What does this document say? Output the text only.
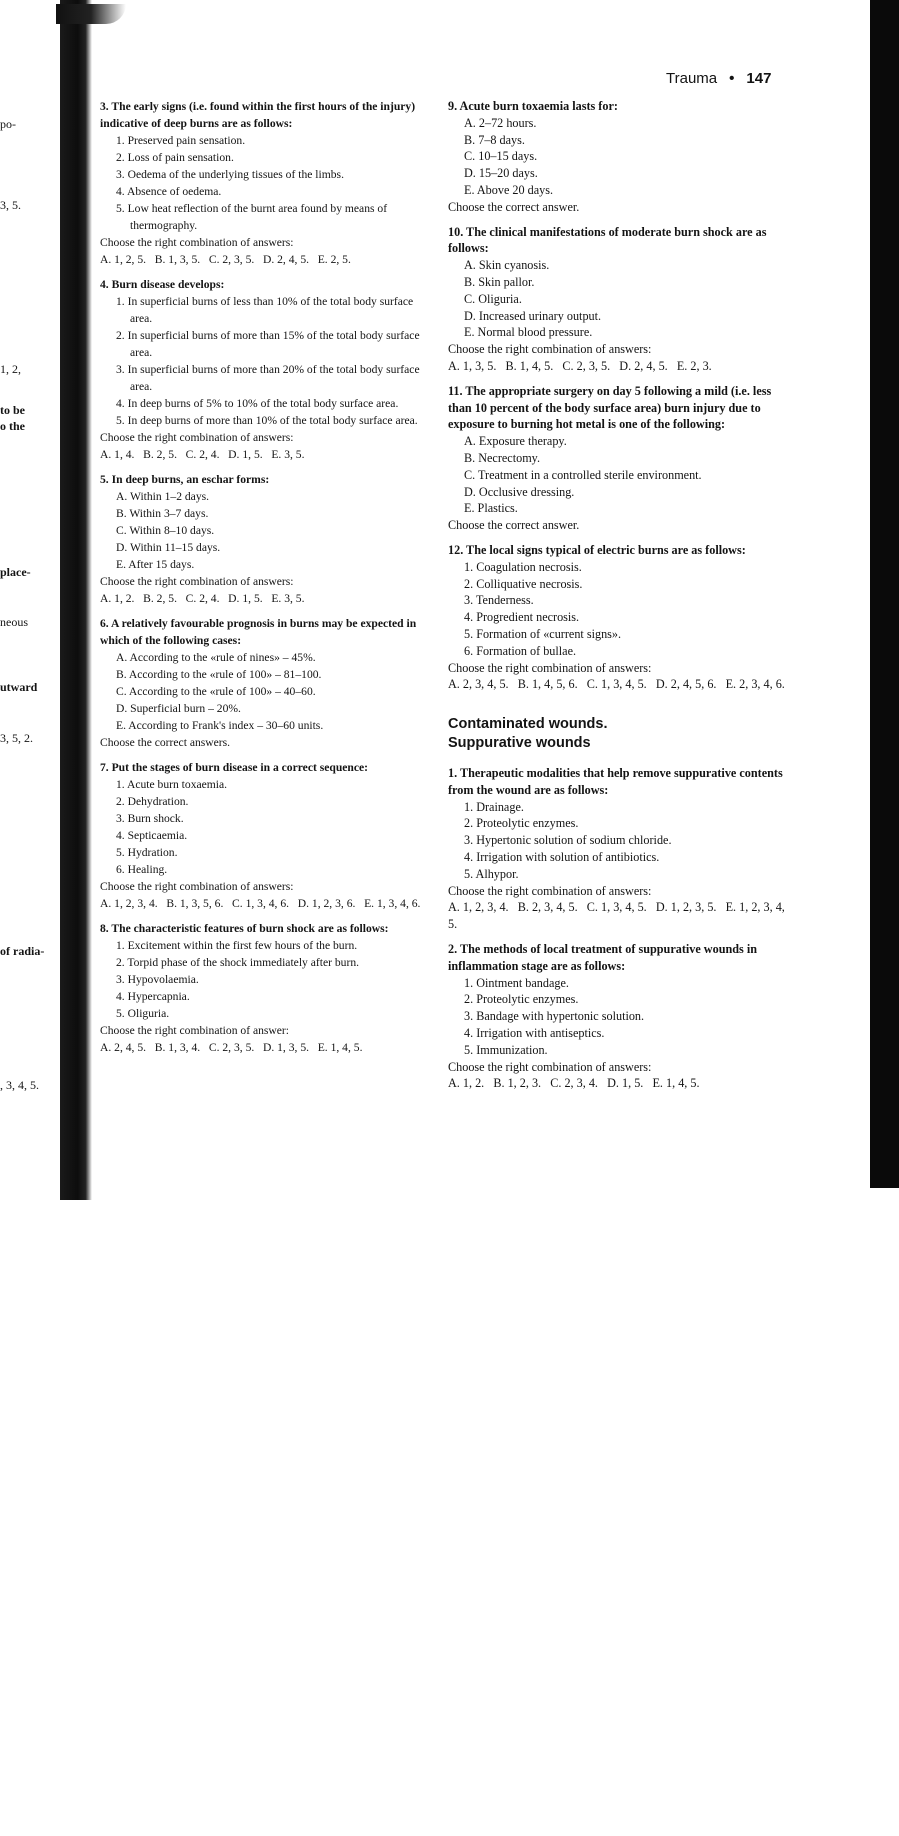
po-
3, 5.
1, 2,
to be
o the
place-
neous
utward
3, 5, 2.
of radia-
, 3, 4, 5.
Trauma • 147
3. The early signs (i.e. found within the first hours of the injury) indicative of deep burns are as follows:
1. Preserved pain sensation.
2. Loss of pain sensation.
3. Oedema of the underlying tissues of the limbs.
4. Absence of oedema.
5. Low heat reflection of the burnt area found by means of thermography.
Choose the right combination of answers:
A. 1, 2, 5.   B. 1, 3, 5.   C. 2, 3, 5.   D. 2, 4, 5.   E. 2, 5.
4. Burn disease develops:
1. In superficial burns of less than 10% of the total body surface area.
2. In superficial burns of more than 15% of the total body surface area.
3. In superficial burns of more than 20% of the total body surface area.
4. In deep burns of 5% to 10% of the total body surface area.
5. In deep burns of more than 10% of the total body surface area.
Choose the right combination of answers:
A. 1, 4.   B. 2, 5.   C. 2, 4.   D. 1, 5.   E. 3, 5.
5. In deep burns, an eschar forms:
A. Within 1–2 days.
B. Within 3–7 days.
C. Within 8–10 days.
D. Within 11–15 days.
E. After 15 days.
Choose the right combination of answers:
A. 1, 2.   B. 2, 5.   C. 2, 4.   D. 1, 5.   E. 3, 5.
6. A relatively favourable prognosis in burns may be expected in which of the following cases:
A. According to the «rule of nines» – 45%.
B. According to the «rule of 100» – 81–100.
C. According to the «rule of 100» – 40–60.
D. Superficial burn – 20%.
E. According to Frank's index – 30–60 units.
Choose the correct answers.
7. Put the stages of burn disease in a correct sequence:
1. Acute burn toxaemia.
2. Dehydration.
3. Burn shock.
4. Septicaemia.
5. Hydration.
6. Healing.
Choose the right combination of answers:
A. 1, 2, 3, 4.   B. 1, 3, 5, 6.   C. 1, 3, 4, 6.   D. 1, 2, 3, 6.   E. 1, 3, 4, 6.
8. The characteristic features of burn shock are as follows:
1. Excitement within the first few hours of the burn.
2. Torpid phase of the shock immediately after burn.
3. Hypovolaemia.
4. Hypercapnia.
5. Oliguria.
Choose the right combination of answer:
A. 2, 4, 5.   B. 1, 3, 4.   C. 2, 3, 5.   D. 1, 3, 5.   E. 1, 4, 5.
9. Acute burn toxaemia lasts for:
A. 2–72 hours.
B. 7–8 days.
C. 10–15 days.
D. 15–20 days.
E. Above 20 days.
Choose the correct answer.
10. The clinical manifestations of moderate burn shock are as follows:
A. Skin cyanosis.
B. Skin pallor.
C. Oliguria.
D. Increased urinary output.
E. Normal blood pressure.
Choose the right combination of answers:
A. 1, 3, 5.   B. 1, 4, 5.   C. 2, 3, 5.   D. 2, 4, 5.   E. 2, 3.
11. The appropriate surgery on day 5 following a mild (i.e. less than 10 percent of the body surface area) burn injury due to exposure to burning hot metal is one of the following:
A. Exposure therapy.
B. Necrectomy.
C. Treatment in a controlled sterile environment.
D. Occlusive dressing.
E. Plastics.
Choose the correct answer.
12. The local signs typical of electric burns are as follows:
1. Coagulation necrosis.
2. Colliquative necrosis.
3. Tenderness.
4. Progredient necrosis.
5. Formation of «current signs».
6. Formation of bullae.
Choose the right combination of answers:
A. 2, 3, 4, 5.   B. 1, 4, 5, 6.   C. 1, 3, 4, 5.   D. 2, 4, 5, 6.   E. 2, 3, 4, 6.
Contaminated wounds.
Suppurative wounds
1. Therapeutic modalities that help remove suppurative contents from the wound are as follows:
1. Drainage.
2. Proteolytic enzymes.
3. Hypertonic solution of sodium chloride.
4. Irrigation with solution of antibiotics.
5. Alhypor.
Choose the right combination of answers:
A. 1, 2, 3, 4.   B. 2, 3, 4, 5.   C. 1, 3, 4, 5.   D. 1, 2, 3, 5.   E. 1, 2, 3, 4, 5.
2. The methods of local treatment of suppurative wounds in inflammation stage are as follows:
1. Ointment bandage.
2. Proteolytic enzymes.
3. Bandage with hypertonic solution.
4. Irrigation with antiseptics.
5. Immunization.
Choose the right combination of answers:
A. 1, 2.   B. 1, 2, 3.   C. 2, 3, 4.   D. 1, 5.   E. 1, 4, 5.
